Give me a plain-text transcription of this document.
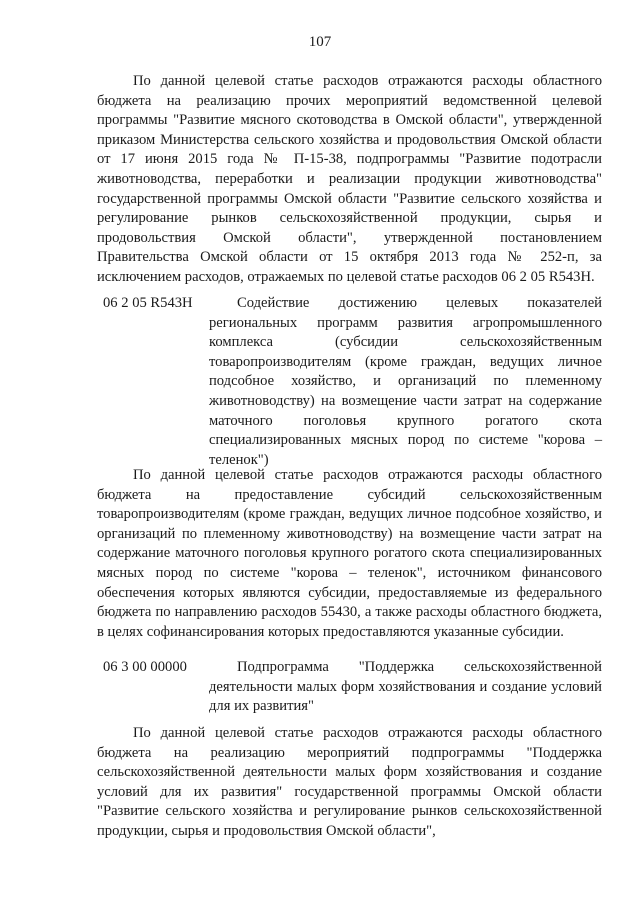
107

По данной целевой статье расходов отражаются расходы областного бюджета на реализацию прочих мероприятий ведомственной целевой программы "Развитие мясного скотоводства в Омской области", утвержденной приказом Министерства сельского хозяйства и продовольствия Омской области от 17 июня 2015 года № П-15-38, подпрограммы "Развитие подотрасли животноводства, переработки и реализации продукции животноводства" государственной программы Омской области "Развитие сельского хозяйства и регулирование рынков сельскохозяйственной продукции, сырья и продовольствия Омской области", утвержденной постановлением Правительства Омской области от 15 октября 2013 года № 252-п, за исключением расходов, отражаемых по целевой статье расходов 06 2 05 R543Н.

06 2 05 R543Н	Содействие достижению целевых показателей региональных программ развития агропромышленного комплекса (субсидии сельскохозяйственным товаропроизводителям (кроме граждан, ведущих личное подсобное хозяйство, и организаций по племенному животноводству) на возмещение части затрат на содержание маточного поголовья крупного рогатого скота специализированных мясных пород по системе "корова – теленок")

По данной целевой статье расходов отражаются расходы областного бюджета на предоставление субсидий сельскохозяйственным товаропроизводителям (кроме граждан, ведущих личное подсобное хозяйство, и организаций по племенному животноводству) на возмещение части затрат на содержание маточного поголовья крупного рогатого скота специализированных мясных пород по системе "корова – теленок", источником финансового обеспечения которых являются субсидии, предоставляемые из федерального бюджета по направлению расходов 55430, а также расходы областного бюджета, в целях софинансирования которых предоставляются указанные субсидии.

06 3 00 00000	Подпрограмма "Поддержка сельскохозяйственной деятельности малых форм хозяйствования и создание условий для их развития"

По данной целевой статье расходов отражаются расходы областного бюджета на реализацию мероприятий подпрограммы "Поддержка сельскохозяйственной деятельности малых форм хозяйствования и создание условий для их развития" государственной программы Омской области "Развитие сельского хозяйства и регулирование рынков сельскохозяйственной продукции, сырья и продовольствия Омской области",
